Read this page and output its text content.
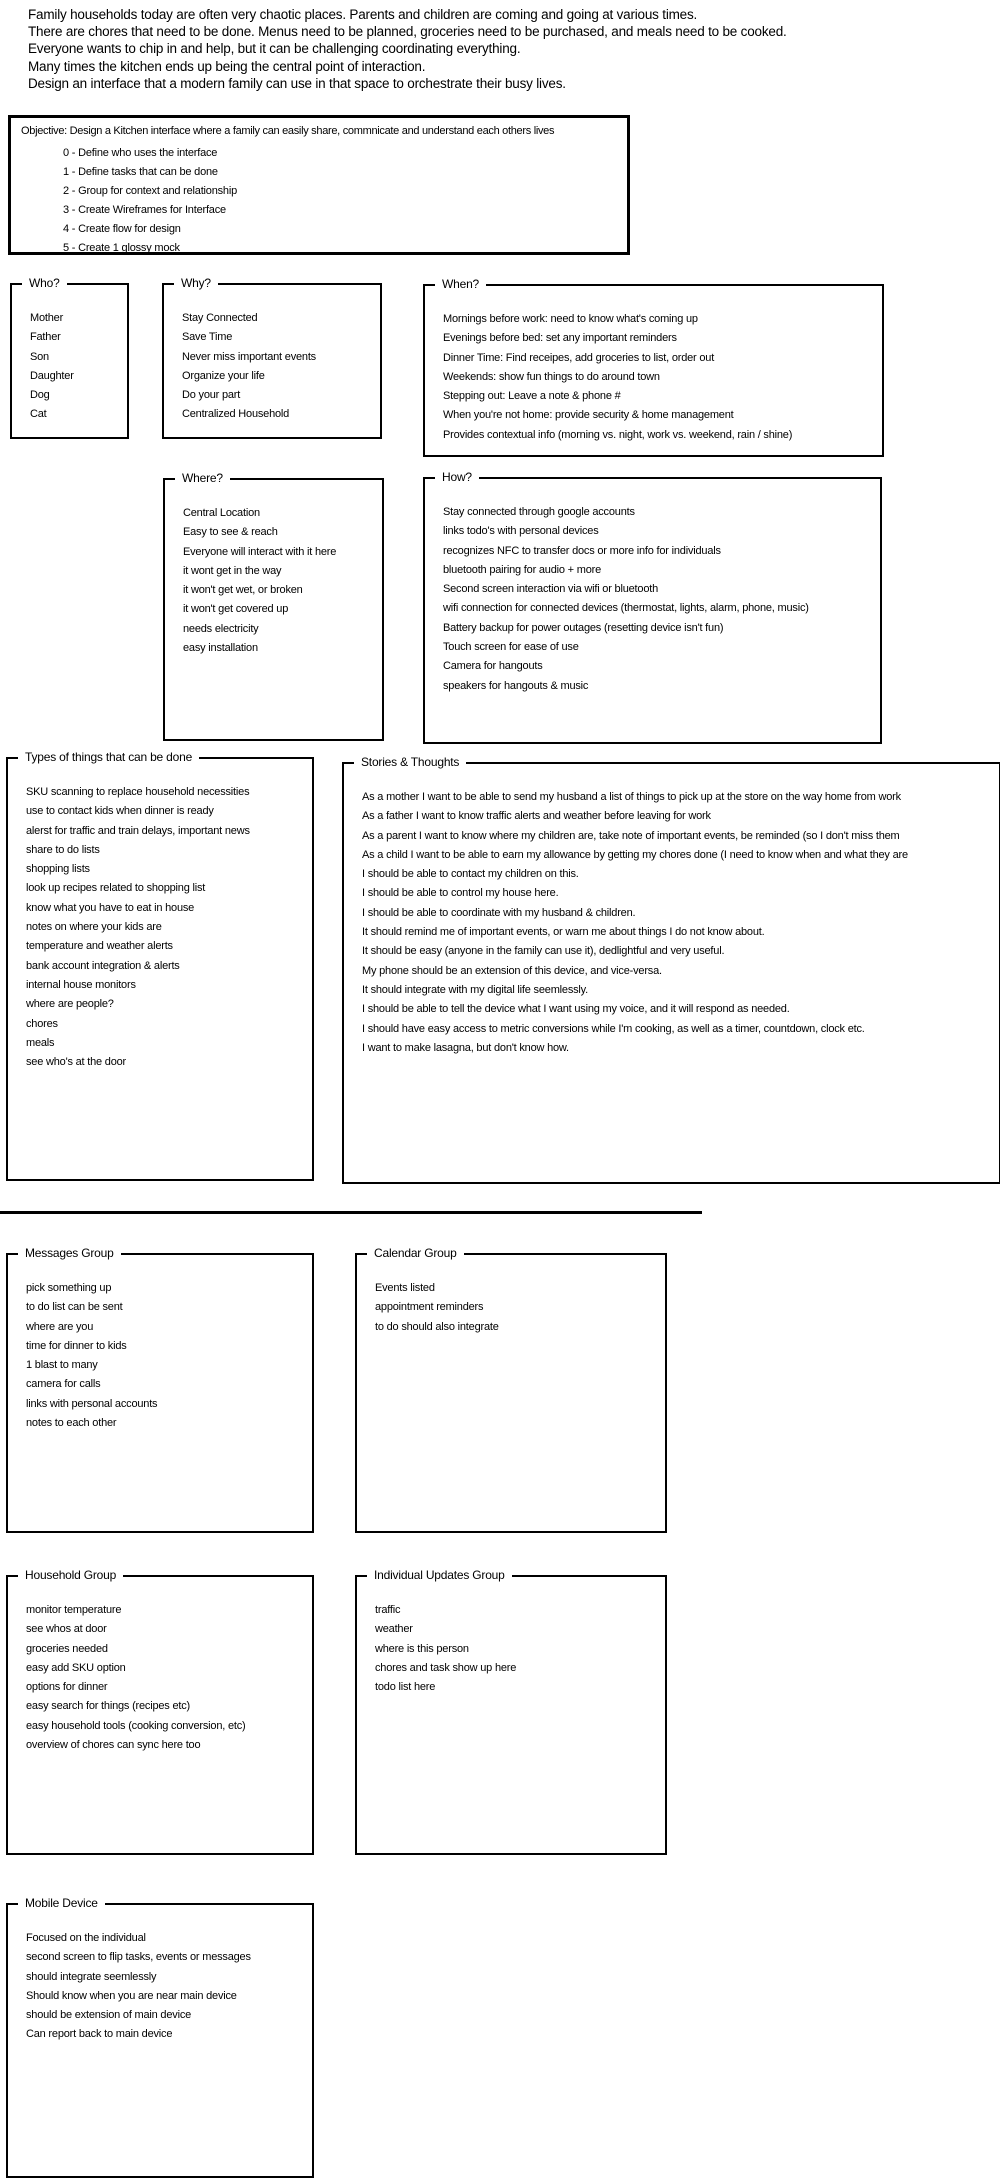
Family households today are often very chaotic places. Parents and children are coming and going at various times.
There are chores that need to be done. Menus need to be planned, groceries need to be purchased, and meals need to be cooked.
Everyone wants to chip in and help, but it can be challenging coordinating everything.
Many times the kitchen ends up being the central point of interaction.
Design an interface that a modern family can use in that space to orchestrate their busy lives.
Objective: Design a Kitchen interface where a family can easily share, commnicate and understand each others lives
0 - Define who uses the interface
1 - Define tasks that can be done
2 - Group for context and relationship
3 - Create Wireframes for Interface
4 - Create flow for design
5 - Create 1 glossy mock
Who?
Mother
Father
Son
Daughter
Dog
Cat
Why?
Stay Connected
Save Time
Never miss important events
Organize your life
Do your part
Centralized Household
When?
Mornings before work: need to know what's coming up
Evenings before bed: set any important reminders
Dinner Time: Find receipes, add groceries to list, order out
Weekends: show fun things to do around town
Stepping out: Leave a note & phone #
When you're not home: provide security & home management
Provides contextual info (morning vs. night, work vs. weekend, rain / shine)
Where?
Central Location
Easy to see & reach
Everyone will interact with it here
it wont get in the way
it won't get wet, or broken
it won't get covered up
needs electricity
easy installation
How?
Stay connected through google accounts
links todo's with personal devices
recognizes NFC to transfer docs or more info for individuals
bluetooth pairing for audio + more
Second screen interaction via wifi or bluetooth
wifi connection for connected devices (thermostat, lights, alarm, phone, music)
Battery backup for power outages (resetting device isn't fun)
Touch screen for ease of use
Camera for hangouts
speakers for hangouts & music
Types of things that can be done
SKU scanning to replace household necessities
use to contact kids when dinner is ready
alerst for traffic and train delays, important news
share to do lists
shopping lists
look up recipes related to shopping list
know what you have to eat in house
notes on where your kids are
temperature and weather alerts
bank account integration & alerts
internal house monitors
where are people?
chores
meals
see who's at the door
Stories & Thoughts
As a mother I want to be able to send my husband a list of things to pick up at the store on the way home from work
As a father I want to know traffic alerts and weather before leaving for work
As a parent I want to know where my children are, take note of important events, be reminded (so I don't miss them
As a child I want to be able to earn my allowance by getting my chores done (I need to know when and what they are
I should be able to contact my children on this.
I should be able to control my house here.
I should be able to coordinate with my husband & children.
It should remind me of important events, or warn me about things I do not know about.
It should be easy (anyone in the family can use it), dedlightful and very useful.
My phone should be an extension of this device, and vice-versa.
It should integrate with my digital life seemlessly.
I should be able to tell the device what I want using my voice, and it will respond as needed.
I should have easy access to metric conversions while I'm cooking, as well as a timer, countdown, clock etc.
I want to make lasagna, but don't know how.
Messages Group
pick something up
to do list can be sent
where are you
time for dinner to kids
1 blast to many
camera for calls
links with personal accounts
notes to each other
Calendar Group
Events listed
appointment reminders
to do should also integrate
Household Group
monitor temperature
see whos at door
groceries needed
easy add SKU option
options for dinner
easy search for things (recipes etc)
easy household tools (cooking conversion, etc)
overview of chores can sync here too
Individual Updates Group
traffic
weather
where is this person
chores and task show up here
todo list here
Mobile Device
Focused on the individual
second screen to flip tasks, events or messages
should integrate seemlessly
Should know when you are near main device
should be extension of main device
Can report back to main device
